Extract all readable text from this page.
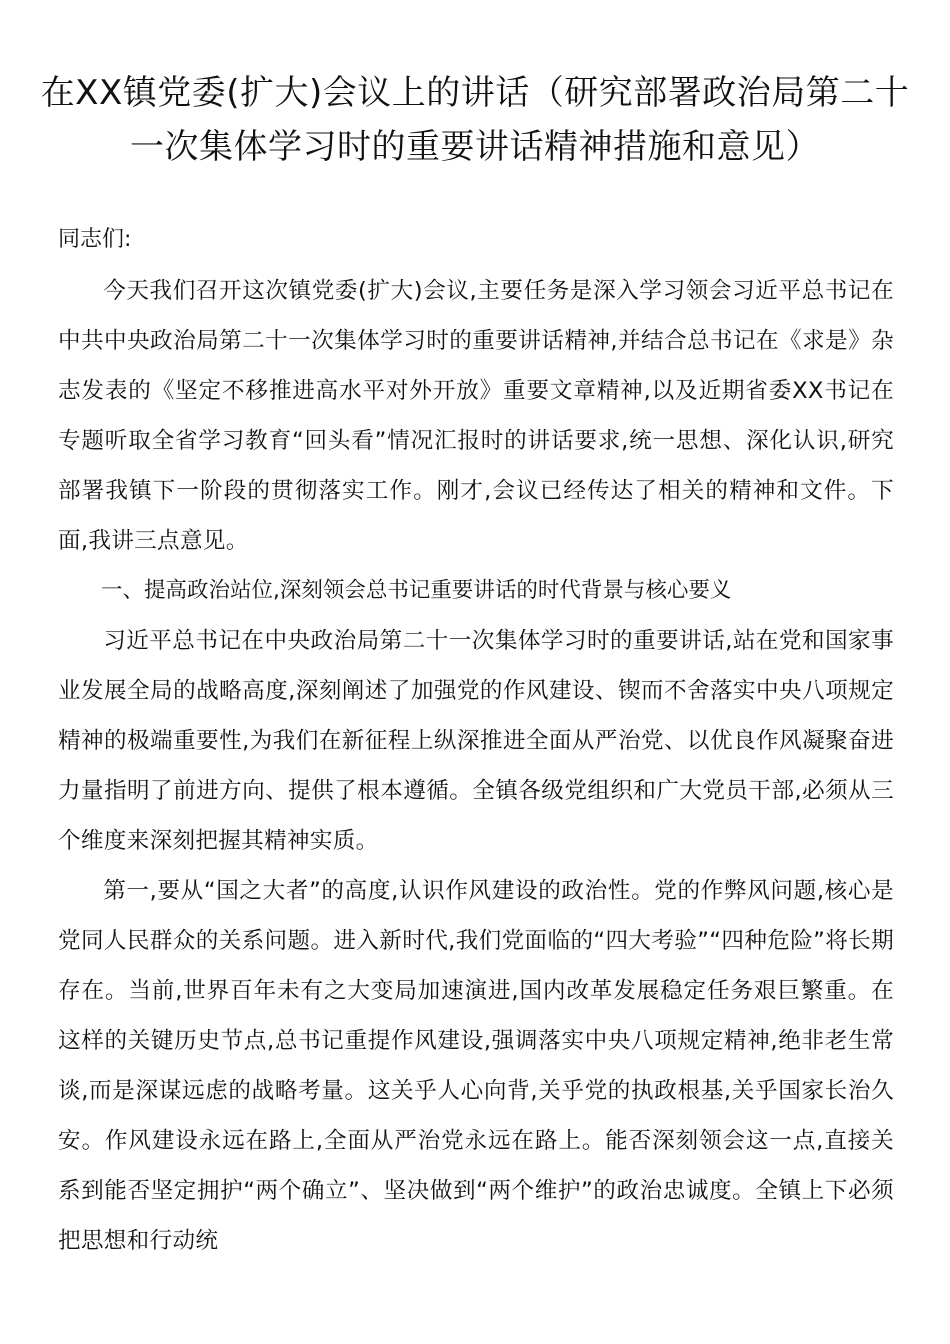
在XX镇党委(扩大)会议上的讲话（研究部署政治局第二十一次集体学习时的重要讲话精神措施和意见）

同志们:

今天我们召开这次镇党委(扩大)会议,主要任务是深入学习领会习近平总书记在中共中央政治局第二十一次集体学习时的重要讲话精神,并结合总书记在《求是》杂志发表的《坚定不移推进高水平对外开放》重要文章精神,以及近期省委XX书记在专题听取全省学习教育“回头看”情况汇报时的讲话要求,统一思想、深化认识,研究部署我镇下一阶段的贯彻落实工作。刚才,会议已经传达了相关的精神和文件。下面,我讲三点意见。

一、提高政治站位,深刻领会总书记重要讲话的时代背景与核心要义

习近平总书记在中央政治局第二十一次集体学习时的重要讲话,站在党和国家事业发展全局的战略高度,深刻阐述了加强党的作风建设、锲而不舍落实中央八项规定精神的极端重要性,为我们在新征程上纵深推进全面从严治党、以优良作风凝聚奋进力量指明了前进方向、提供了根本遵循。全镇各级党组织和广大党员干部,必须从三个维度来深刻把握其精神实质。

第一,要从“国之大者”的高度,认识作风建设的政治性。党的作弊风问题,核心是党同人民群众的关系问题。进入新时代,我们党面临的“四大考验”“四种危险”将长期存在。当前,世界百年未有之大变局加速演进,国内改革发展稳定任务艰巨繁重。在这样的关键历史节点,总书记重提作风建设,强调落实中央八项规定精神,绝非老生常谈,而是深谋远虑的战略考量。这关乎人心向背,关乎党的执政根基,关乎国家长治久安。作风建设永远在路上,全面从严治党永远在路上。能否深刻领会这一点,直接关系到能否坚定拥护“两个确立”、坚决做到“两个维护”的政治忠诚度。全镇上下必须把思想和行动统
